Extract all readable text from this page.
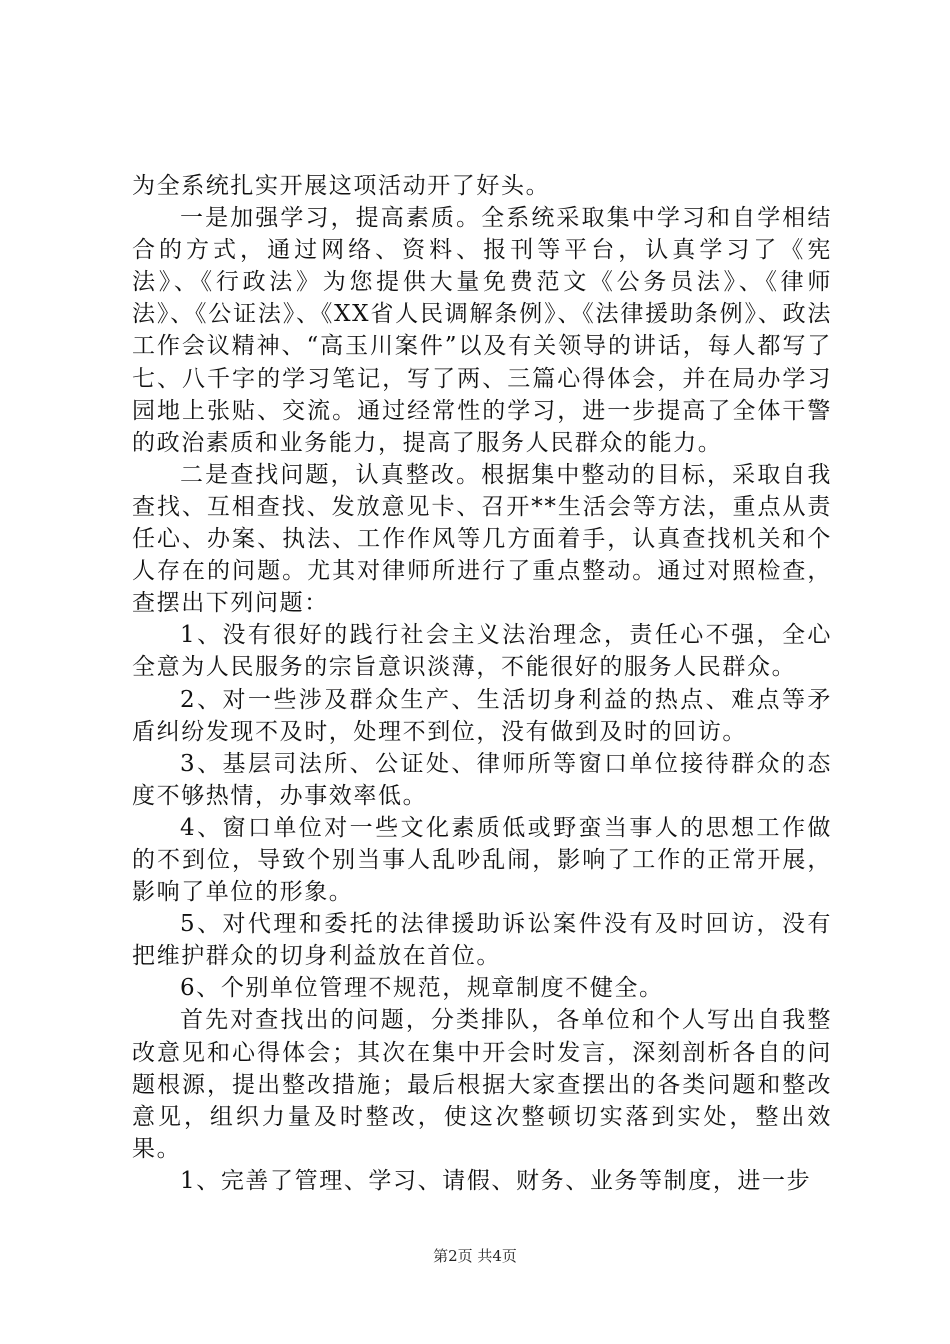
为全系统扎实开展这项活动开了好头。

一是加强学习，提高素质。全系统采取集中学习和自学相结合的方式，通过网络、资料、报刊等平台，认真学习了《宪法》、《行政法》为您提供大量免费范文《公务员法》、《律师法》、《公证法》、《XX省人民调解条例》、《法律援助条例》、政法工作会议精神、“高玉川案件”以及有关领导的讲话，每人都写了七、八千字的学习笔记，写了两、三篇心得体会，并在局办学习园地上张贴、交流。通过经常性的学习，进一步提高了全体干警的政治素质和业务能力，提高了服务人民群众的能力。

二是查找问题，认真整改。根据集中整动的目标，采取自我查找、互相查找、发放意见卡、召开**生活会等方法，重点从责任心、办案、执法、工作作风等几方面着手，认真查找机关和个人存在的问题。尤其对律师所进行了重点整动。通过对照检查，查摆出下列问题：

1、没有很好的践行社会主义法治理念，责任心不强，全心全意为人民服务的宗旨意识淡薄，不能很好的服务人民群众。

2、对一些涉及群众生产、生活切身利益的热点、难点等矛盾纠纷发现不及时，处理不到位，没有做到及时的回访。

3、基层司法所、公证处、律师所等窗口单位接待群众的态度不够热情，办事效率低。

4、窗口单位对一些文化素质低或野蛮当事人的思想工作做的不到位，导致个别当事人乱吵乱闹，影响了工作的正常开展，影响了单位的形象。

5、对代理和委托的法律援助诉讼案件没有及时回访，没有把维护群众的切身利益放在首位。

6、个别单位管理不规范，规章制度不健全。

首先对查找出的问题，分类排队，各单位和个人写出自我整改意见和心得体会；其次在集中开会时发言，深刻剖析各自的问题根源，提出整改措施；最后根据大家查摆出的各类问题和整改意见，组织力量及时整改，使这次整顿切实落到实处，整出效果。

1、完善了管理、学习、请假、财务、业务等制度，进一步

第2页 共4页
